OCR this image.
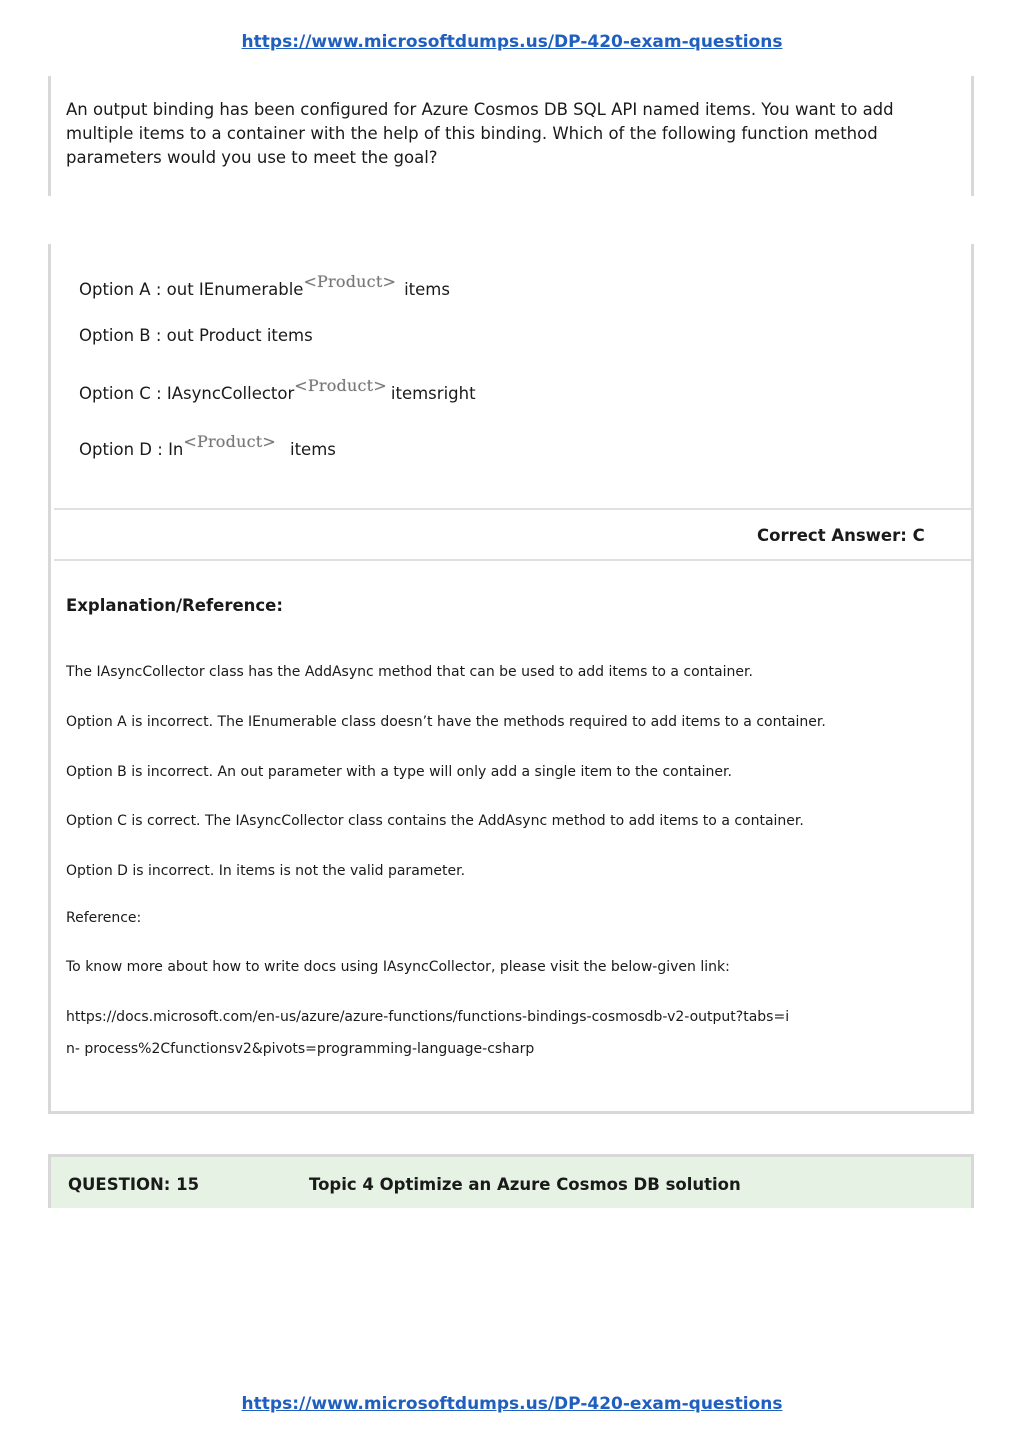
https://www.microsoftdumps.us/DP-420-exam-questions
An output binding has been configured for Azure Cosmos DB SQL API named items. You want to add multiple items to a container with the help of this binding. Which of the following function method parameters would you use to meet the goal?
Option A : out IEnumerable <Product> items
Option B : out Product items
Option C : IAsyncCollector <Product> itemsright
Option D : In <Product> items
Correct Answer: C
Explanation/Reference:
The IAsyncCollector class has the AddAsync method that can be used to add items to a container.
Option A is incorrect. The IEnumerable class doesn’t have the methods required to add items to a container.
Option B is incorrect. An out parameter with a type will only add a single item to the container.
Option C is correct. The IAsyncCollector class contains the AddAsync method to add items to a container.
Option D is incorrect. In items is not the valid parameter.
Reference:
To know more about how to write docs using IAsyncCollector, please visit the below-given link:
https://docs.microsoft.com/en-us/azure/azure-functions/functions-bindings-cosmosdb-v2-output?tabs=i
n- process%2Cfunctionsv2&pivots=programming-language-csharp
QUESTION: 15	Topic 4 Optimize an Azure Cosmos DB solution
https://www.microsoftdumps.us/DP-420-exam-questions
